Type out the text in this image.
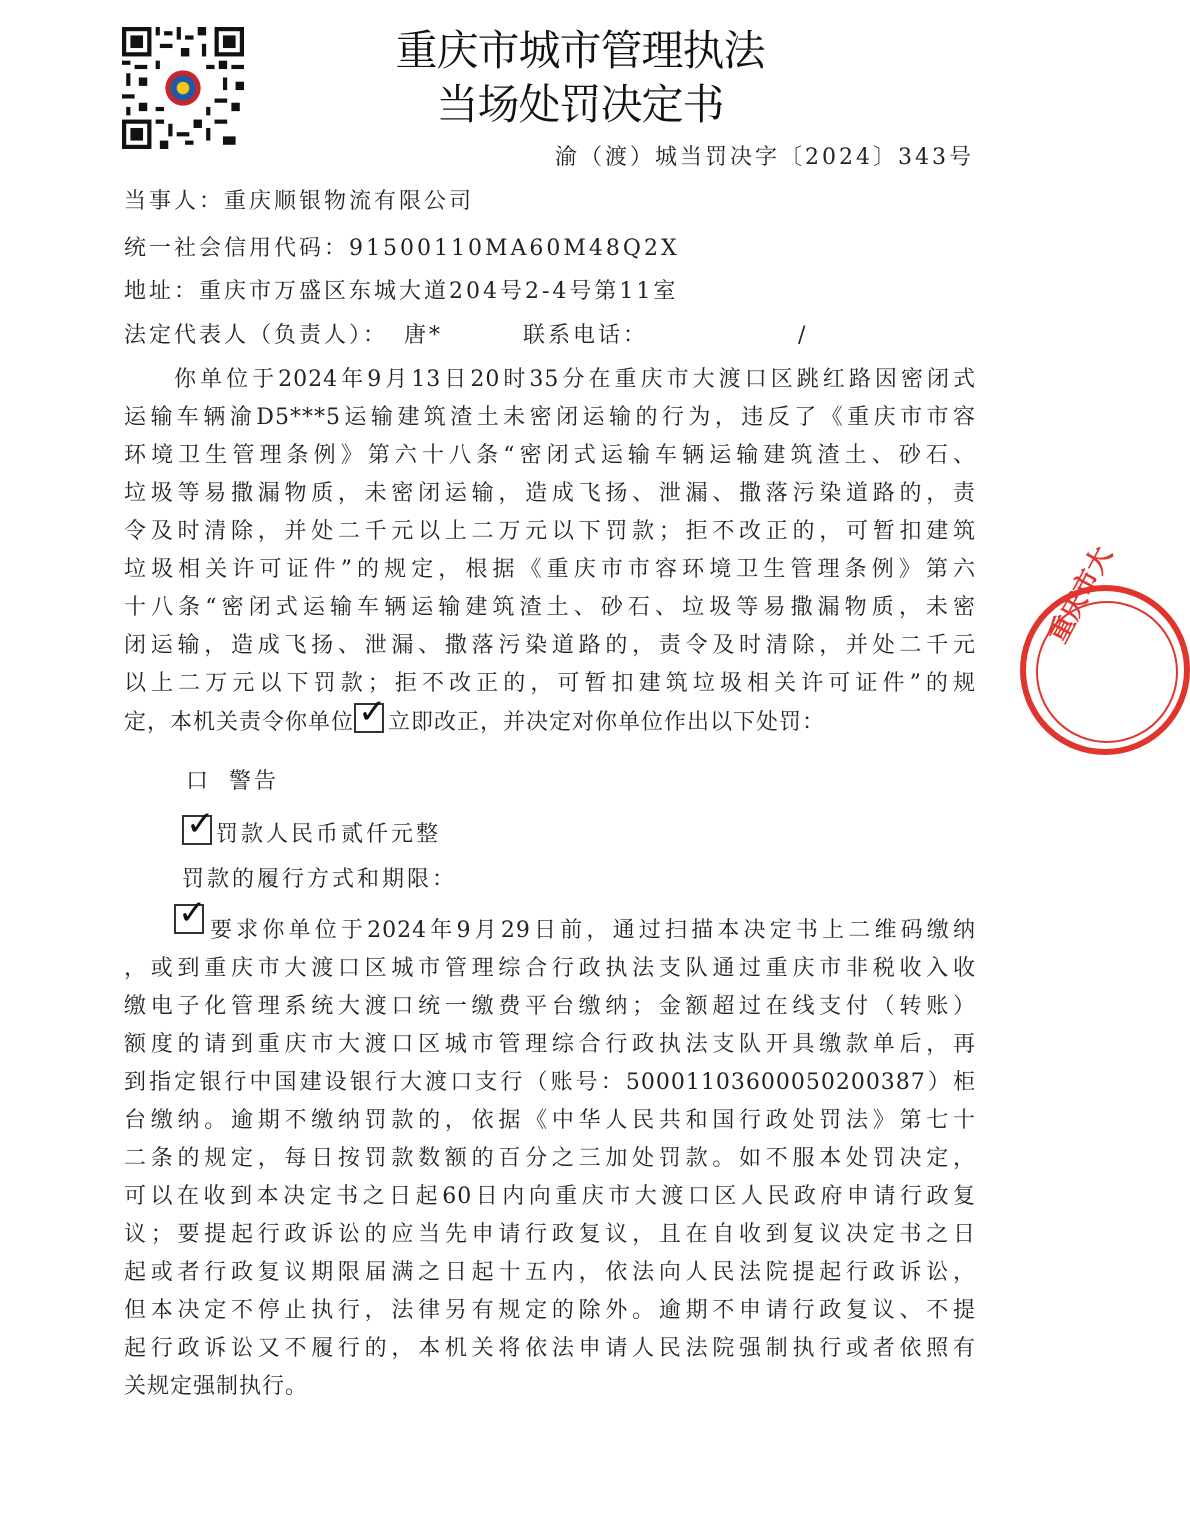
重庆市城市管理执法
当场处罚决定书
渝（渡）城当罚决字〔2024〕343号
当事人：重庆顺银物流有限公司
统一社会信用代码：91500110MA60M48Q2X
地址：重庆市万盛区东城大道204号2-4号第11室
法定代表人（负责人）： 唐*	联系电话：	/
你单位于2024年9月13日20时35分在重庆市大渡口区跳红路因密闭式
运输车辆渝D5***5运输建筑渣土未密闭运输的行为，违反了《重庆市市容
环境卫生管理条例》第六十八条“密闭式运输车辆运输建筑渣土、砂石、
垃圾等易撒漏物质，未密闭运输，造成飞扬、泄漏、撒落污染道路的，责
令及时清除，并处二千元以上二万元以下罚款；拒不改正的，可暂扣建筑
垃圾相关许可证件”的规定，根据《重庆市市容环境卫生管理条例》第六
十八条“密闭式运输车辆运输建筑渣土、砂石、垃圾等易撒漏物质，未密
闭运输，造成飞扬、泄漏、撒落污染道路的，责令及时清除，并处二千元
以上二万元以下罚款；拒不改正的，可暂扣建筑垃圾相关许可证件”的规
定，本机关责令你单位 ✓ 立即改正，并决定对你单位作出以下处罚：
口 警告
✓
罚款人民币贰仟元整
罚款的履行方式和期限：
✓ 要求你单位于2024年9月29日前，通过扫描本决定书上二维码缴纳
，或到重庆市大渡口区城市管理综合行政执法支队通过重庆市非税收入收
缴电子化管理系统大渡口统一缴费平台缴纳；金额超过在线支付（转账）
额度的请到重庆市大渡口区城市管理综合行政执法支队开具缴款单后，再
到指定银行中国建设银行大渡口支行（账号：50001103600050200387）柜
台缴纳。逾期不缴纳罚款的，依据《中华人民共和国行政处罚法》第七十
二条的规定，每日按罚款数额的百分之三加处罚款。如不服本处罚决定，
可以在收到本决定书之日起60日内向重庆市大渡口区人民政府申请行政复
议；要提起行政诉讼的应当先申请行政复议，且在自收到复议决定书之日
起或者行政复议期限届满之日起十五内，依法向人民法院提起行政诉讼，
但本决定不停止执行，法律另有规定的除外。逾期不申请行政复议、不提
起行政诉讼又不履行的，本机关将依法申请人民法院强制执行或者依照有
关规定强制执行。
重庆市大
